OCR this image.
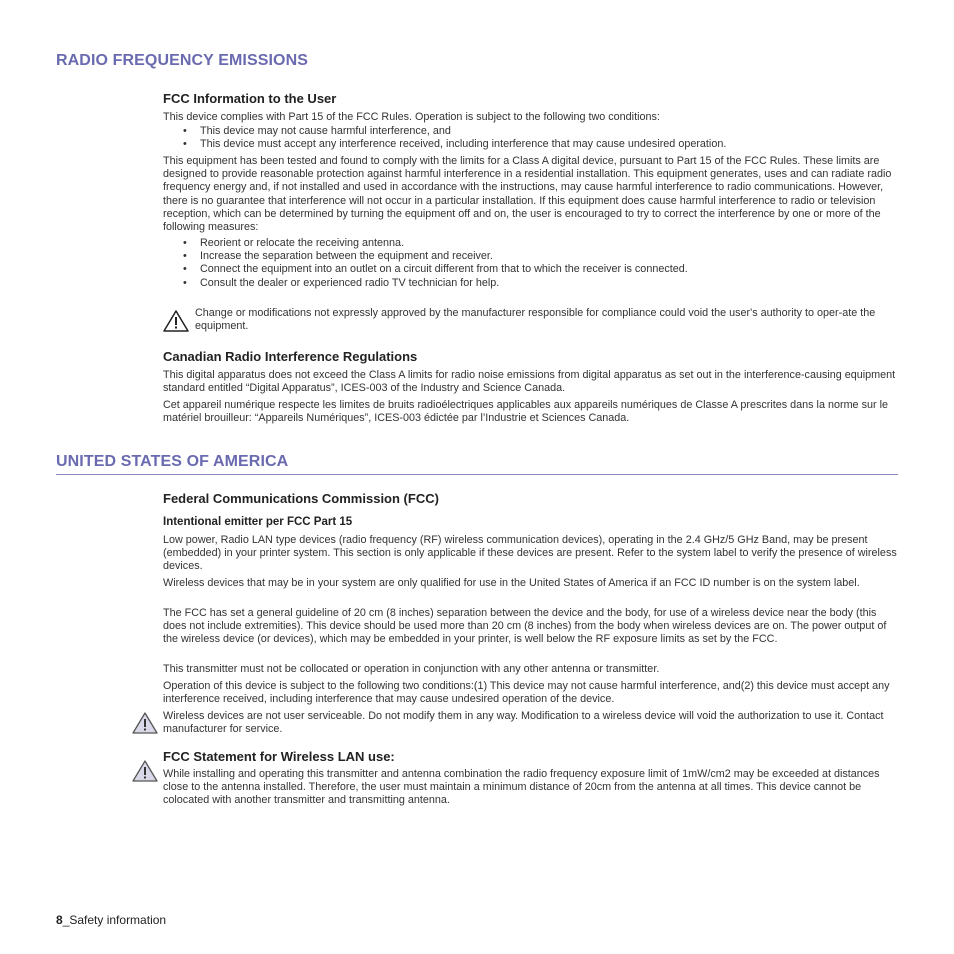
RADIO FREQUENCY EMISSIONS
FCC Information to the User

This device complies with Part 15 of the FCC Rules. Operation is subject to the following two conditions:

• This device may not cause harmful interference, and
• This device must accept any interference received, including interference that may cause undesired operation.

This equipment has been tested and found to comply with the limits for a Class A digital device, pursuant to Part 15 of the FCC Rules. These limits are designed to provide reasonable protection against harmful interference in a residential installation. This equipment generates, uses and can radiate radio frequency energy and, if not installed and used in accordance with the instructions, may cause harmful interference to radio communications. However, there is no guarantee that interference will not occur in a particular installation. If this equipment does cause harmful interference to radio or television reception, which can be determined by turning the equipment off and on, the user is encouraged to try to correct the interference by one or more of the following measures:

• Reorient or relocate the receiving antenna.
• Increase the separation between the equipment and receiver.
• Connect the equipment into an outlet on a circuit different from that to which the receiver is connected.
• Consult the dealer or experienced radio TV technician for help.

Change or modifications not expressly approved by the manufacturer responsible for compliance could void the user's authority to oper-ate the equipment.

Canadian Radio Interference Regulations

This digital apparatus does not exceed the Class A limits for radio noise emissions from digital apparatus as set out in the interference-causing equipment standard entitled “Digital Apparatus”, ICES-003 of the Industry and Science Canada.

Cet appareil numérique respecte les limites de bruits radioélectriques applicables aux appareils numériques de Classe A prescrites dans la norme sur le matériel brouilleur: “Appareils Numériques”, ICES-003 édictée par l’Industrie et Sciences Canada.

UNITED STATES OF AMERICA
Federal Communications Commission (FCC)
Intentional emitter per FCC Part 15

Low power, Radio LAN type devices (radio frequency (RF) wireless communication devices), operating in the 2.4 GHz/5 GHz Band, may be present (embedded) in your printer system. This section is only applicable if these devices are present. Refer to the system label to verify the presence of wireless devices.

Wireless devices that may be in your system are only qualified for use in the United States of America if an FCC ID number is on the system label.

The FCC has set a general guideline of 20 cm (8 inches) separation between the device and the body, for use of a wireless device near the body (this does not include extremities). This device should be used more than 20 cm (8 inches) from the body when wireless devices are on. The power output of the wireless device (or devices), which may be embedded in your printer, is well below the RF exposure limits as set by the FCC.

This transmitter must not be collocated or operation in conjunction with any other antenna or transmitter.

Operation of this device is subject to the following two conditions:(1) This device may not cause harmful interference, and(2) this device must accept any interference received, including interference that may cause undesired operation of the device.

Wireless devices are not user serviceable. Do not modify them in any way. Modification to a wireless device will void the authorization to use it. Contact manufacturer for service.

FCC Statement for Wireless LAN use:

While installing and operating this transmitter and antenna combination the radio frequency exposure limit of 1mW/cm2 may be exceeded at distances close to the antenna installed. Therefore, the user must maintain a minimum distance of 20cm from the antenna at all times. This device cannot be colocated with another transmitter and transmitting antenna.

8_Safety information
